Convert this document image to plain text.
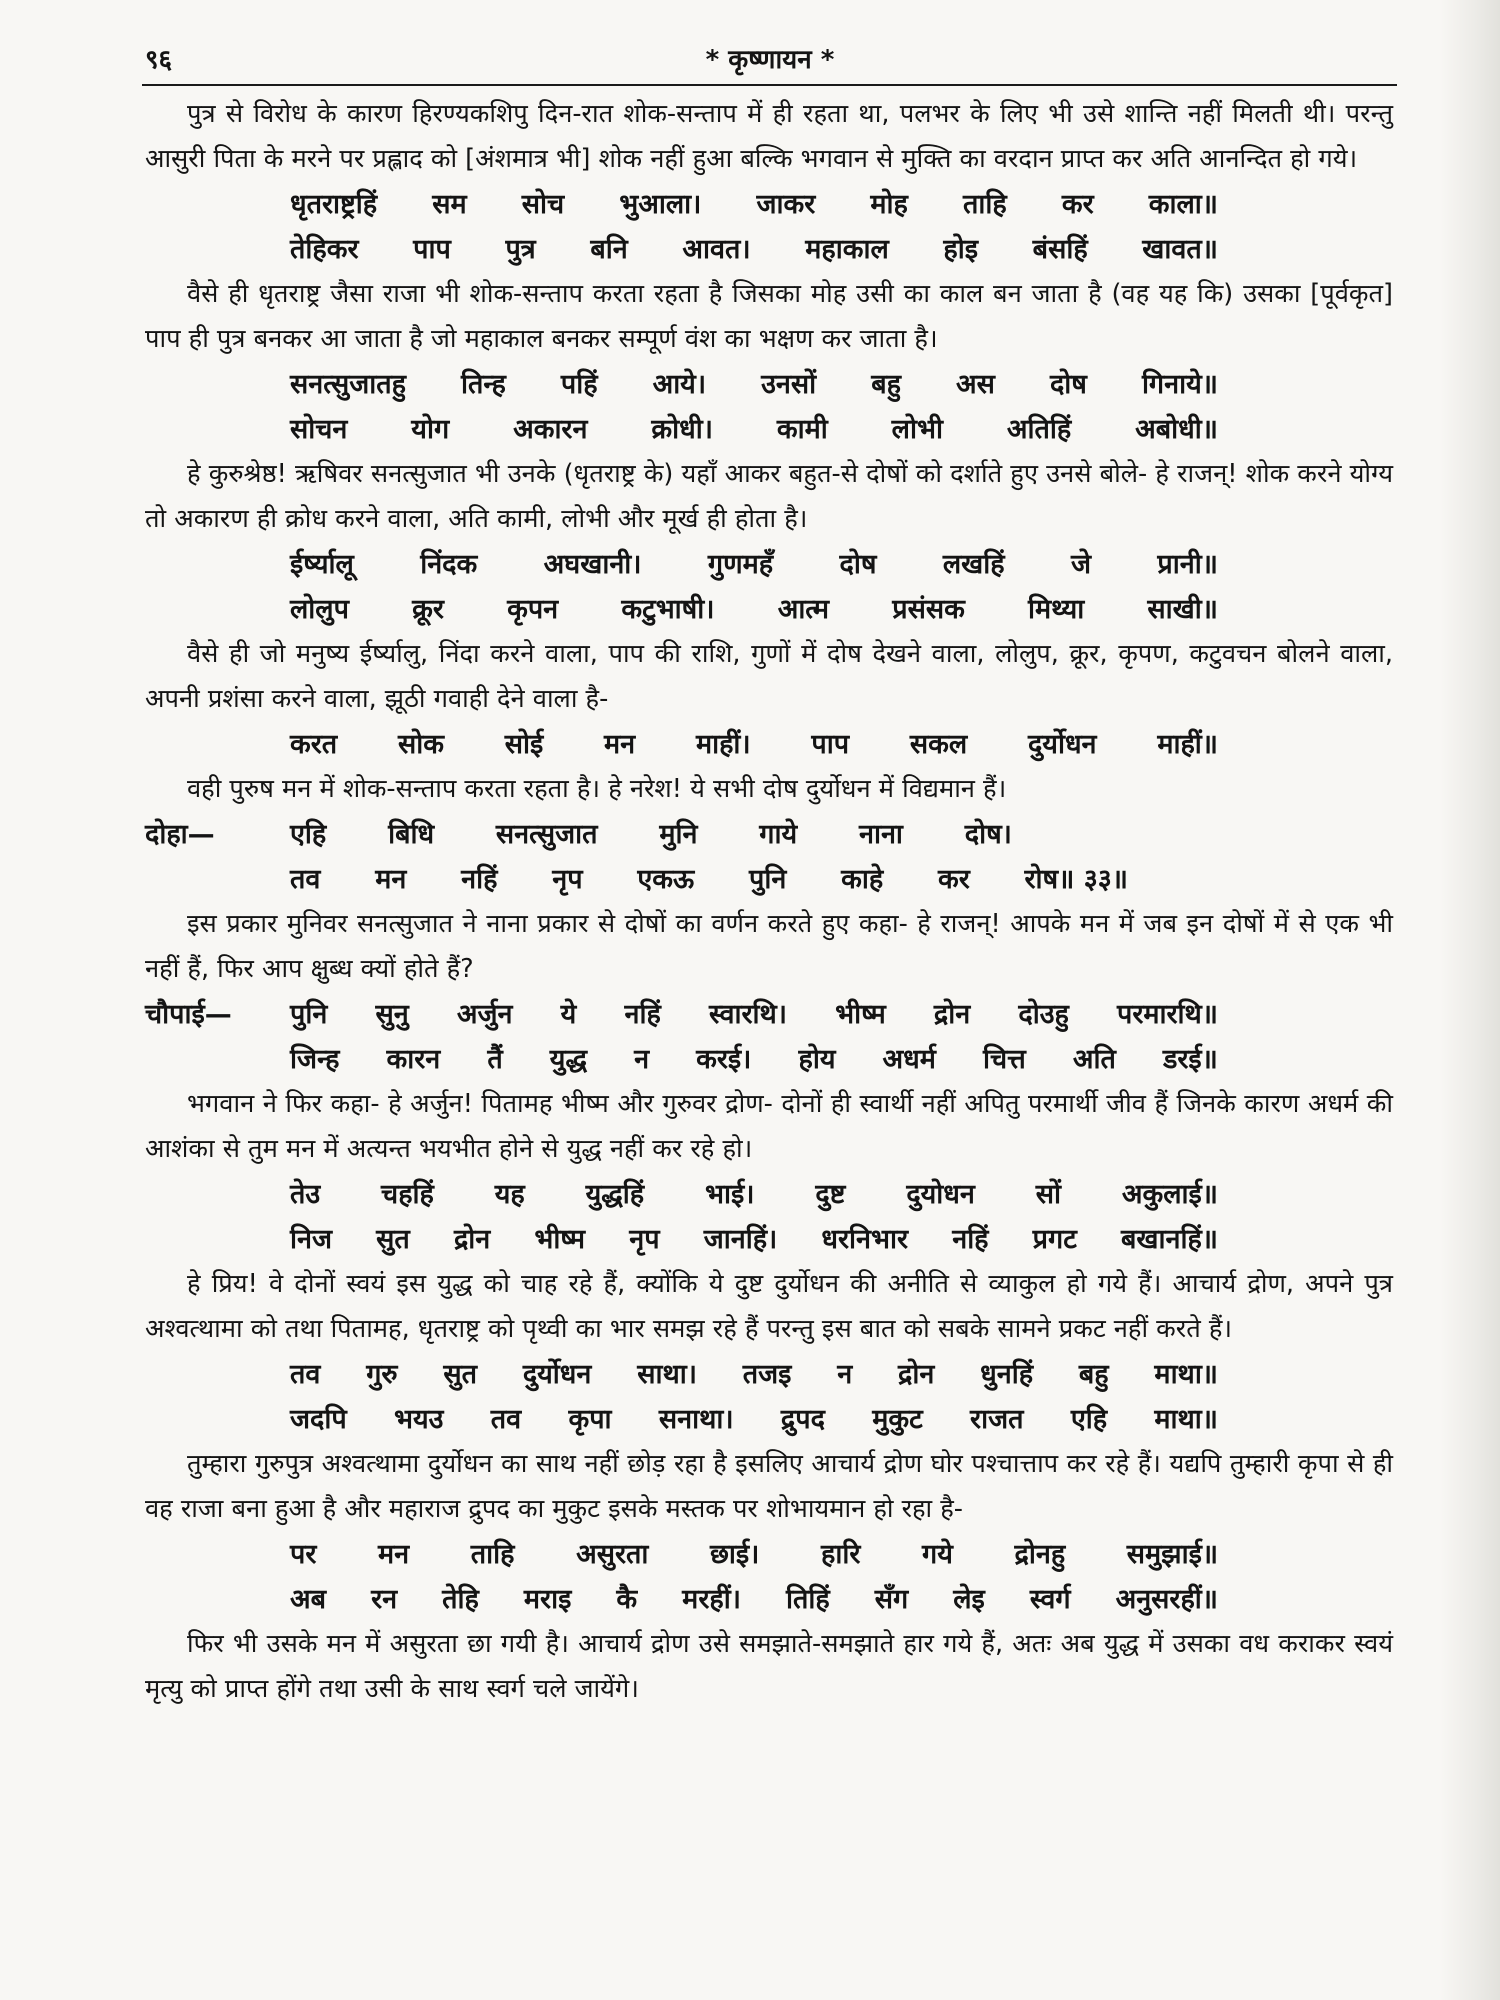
९६	* कृष्णायन *

पुत्र से विरोध के कारण हिरण्यकशिपु दिन-रात शोक-सन्ताप में ही रहता था, पलभर के लिए भी उसे शान्ति नहीं मिलती थी। परन्तु आसुरी पिता के मरने पर प्रह्लाद को [अंशमात्र भी] शोक नहीं हुआ बल्कि भगवान से मुक्ति का वरदान प्राप्त कर अति आनन्दित हो गये।

धृतराष्ट्रहिं सम सोच भुआला। जाकर मोह ताहि कर काला॥
तेहिकर पाप पुत्र बनि आवत। महाकाल होइ बंसहिं खावत॥

वैसे ही धृतराष्ट्र जैसा राजा भी शोक-सन्ताप करता रहता है जिसका मोह उसी का काल बन जाता है (वह यह कि) उसका [पूर्वकृत] पाप ही पुत्र बनकर आ जाता है जो महाकाल बनकर सम्पूर्ण वंश का भक्षण कर जाता है।

सनत्सुजातहु तिन्ह पहिं आये। उनसों बहु अस दोष गिनाये॥
सोचन योग अकारन क्रोधी। कामी लोभी अतिहिं अबोधी॥

हे कुरुश्रेष्ठ! ऋषिवर सनत्सुजात भी उनके (धृतराष्ट्र के) यहाँ आकर बहुत-से दोषों को दर्शाते हुए उनसे बोले- हे राजन्! शोक करने योग्य तो अकारण ही क्रोध करने वाला, अति कामी, लोभी और मूर्ख ही होता है।

ईर्ष्यालू निंदक अघखानी। गुणमहँ दोष लखहिं जे प्रानी॥
लोलुप क्रूर कृपन कटुभाषी। आत्म प्रसंसक मिथ्या साखी॥

वैसे ही जो मनुष्य ईर्ष्यालु, निंदा करने वाला, पाप की राशि, गुणों में दोष देखने वाला, लोलुप, क्रूर, कृपण, कटुवचन बोलने वाला, अपनी प्रशंसा करने वाला, झूठी गवाही देने वाला है-

करत सोक सोई मन माहीं। पाप सकल दुर्योधन माहीं॥

वही पुरुष मन में शोक-सन्ताप करता रहता है। हे नरेश! ये सभी दोष दुर्योधन में विद्यमान हैं।

दोहा—	एहि बिधि सनत्सुजात मुनि गाये नाना दोष।
तव मन नहिं नृप एकऊ पुनि काहे कर रोष॥ ३३॥

इस प्रकार मुनिवर सनत्सुजात ने नाना प्रकार से दोषों का वर्णन करते हुए कहा- हे राजन्! आपके मन में जब इन दोषों में से एक भी नहीं हैं, फिर आप क्षुब्ध क्यों होते हैं?

चौपाई—	पुनि सुनु अर्जुन ये नहिं स्वारथि। भीष्म द्रोन दोउहु परमारथि॥
जिन्ह कारन तैं युद्ध न करई। होय अधर्म चित्त अति डरई॥

भगवान ने फिर कहा- हे अर्जुन! पितामह भीष्म और गुरुवर द्रोण- दोनों ही स्वार्थी नहीं अपितु परमार्थी जीव हैं जिनके कारण अधर्म की आशंका से तुम मन में अत्यन्त भयभीत होने से युद्ध नहीं कर रहे हो।

तेउ चहहिं यह युद्धहिं भाई। दुष्ट दुयोधन सों अकुलाई॥
निज सुत द्रोन भीष्म नृप जानहिं। धरनिभार नहिं प्रगट बखानहिं॥

हे प्रिय! वे दोनों स्वयं इस युद्ध को चाह रहे हैं, क्योंकि ये दुष्ट दुर्योधन की अनीति से व्याकुल हो गये हैं। आचार्य द्रोण, अपने पुत्र अश्वत्थामा को तथा पितामह, धृतराष्ट्र को पृथ्वी का भार समझ रहे हैं परन्तु इस बात को सबके सामने प्रकट नहीं करते हैं।

तव गुरु सुत दुर्योधन साथा। तजइ न द्रोन धुनहिं बहु माथा॥
जदपि भयउ तव कृपा सनाथा। द्रुपद मुकुट राजत एहि माथा॥

तुम्हारा गुरुपुत्र अश्वत्थामा दुर्योधन का साथ नहीं छोड़ रहा है इसलिए आचार्य द्रोण घोर पश्चात्ताप कर रहे हैं। यद्यपि तुम्हारी कृपा से ही वह राजा बना हुआ है और महाराज द्रुपद का मुकुट इसके मस्तक पर शोभायमान हो रहा है-

पर मन ताहि असुरता छाई। हारि गये द्रोनहु समुझाई॥
अब रन तेहि मराइ कै मरहीं। तिहिं सँग लेइ स्वर्ग अनुसरहीं॥

फिर भी उसके मन में असुरता छा गयी है। आचार्य द्रोण उसे समझाते-समझाते हार गये हैं, अतः अब युद्ध में उसका वध कराकर स्वयं मृत्यु को प्राप्त होंगे तथा उसी के साथ स्वर्ग चले जायेंगे।
